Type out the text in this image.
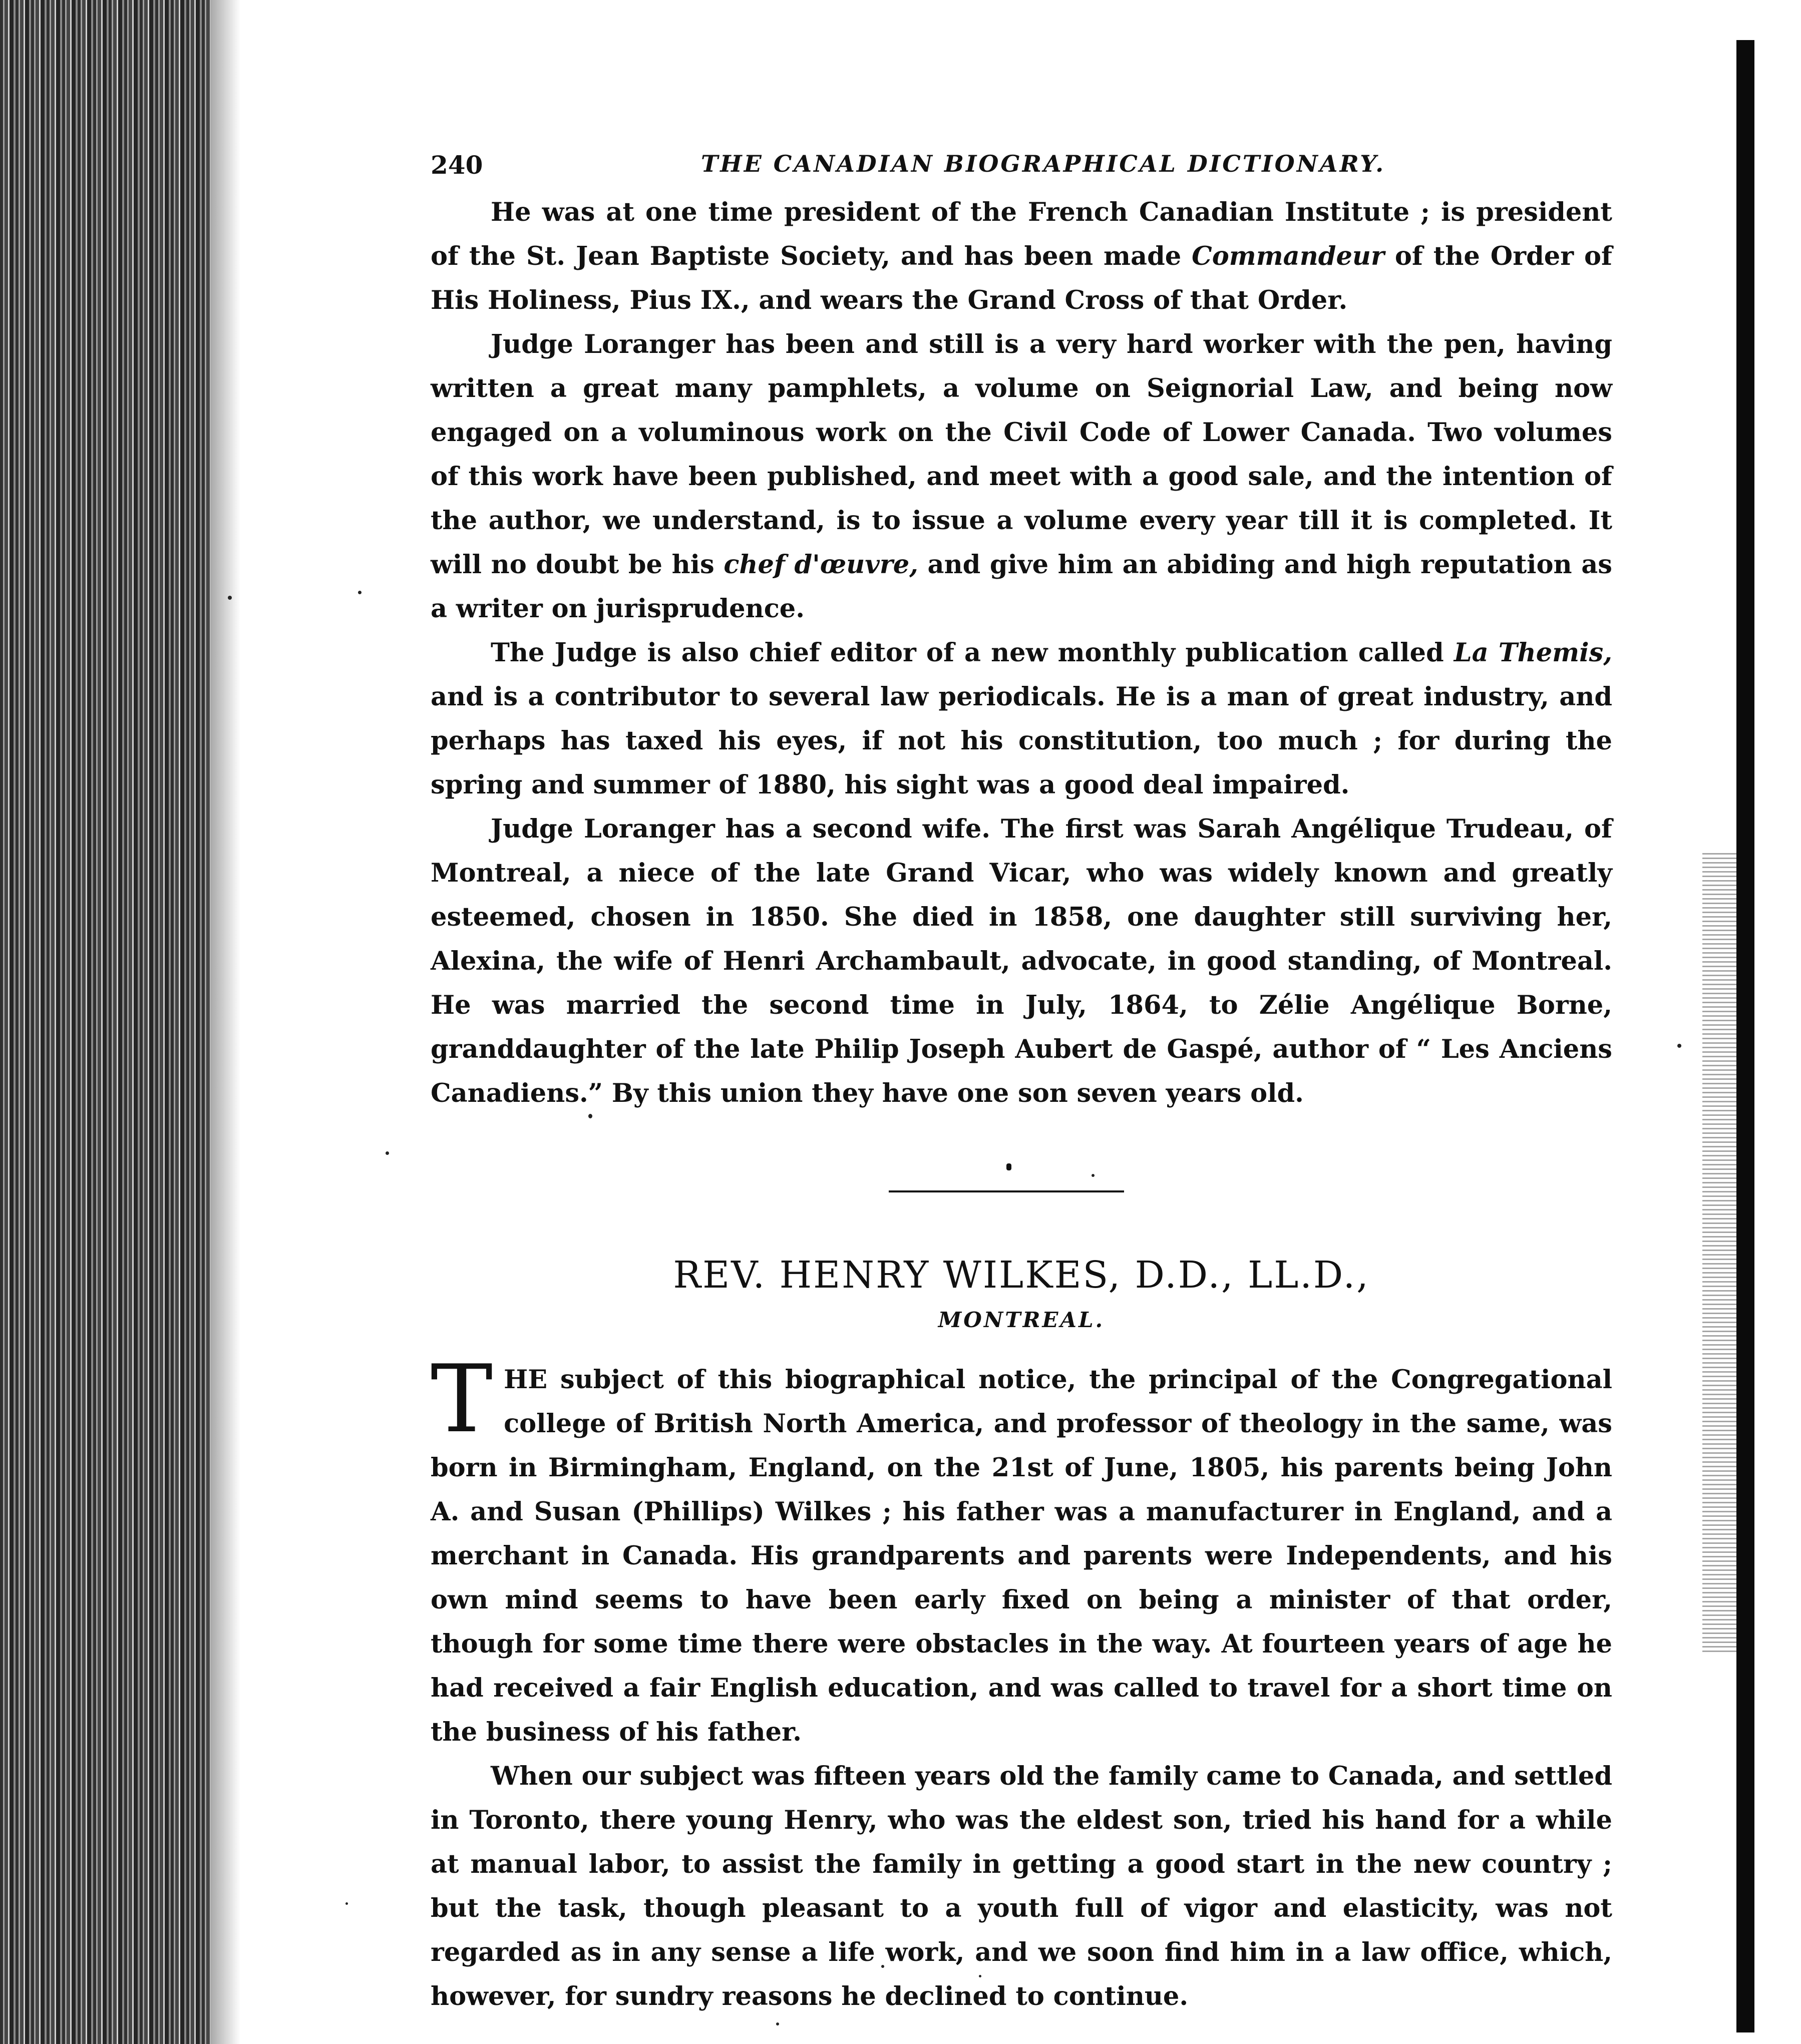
240	THE CANADIAN BIOGRAPHICAL DICTIONARY.

He was at one time president of the French Canadian Institute ; is president of the St. Jean Baptiste Society, and has been made Commandeur of the Order of His Holiness, Pius IX., and wears the Grand Cross of that Order.

Judge Loranger has been and still is a very hard worker with the pen, having written a great many pamphlets, a volume on Seignorial Law, and being now engaged on a voluminous work on the Civil Code of Lower Canada. Two volumes of this work have been published, and meet with a good sale, and the intention of the author, we understand, is to issue a volume every year till it is completed. It will no doubt be his chef d'œuvre, and give him an abiding and high reputation as a writer on jurisprudence.

The Judge is also chief editor of a new monthly publication called La Themis, and is a contributor to several law periodicals. He is a man of great industry, and perhaps has taxed his eyes, if not his constitution, too much ; for during the spring and summer of 1880, his sight was a good deal impaired.

Judge Loranger has a second wife. The first was Sarah Angélique Trudeau, of Montreal, a niece of the late Grand Vicar, who was widely known and greatly esteemed, chosen in 1850. She died in 1858, one daughter still surviving her, Alexina, the wife of Henri Archambault, advocate, in good standing, of Montreal. He was married the second time in July, 1864, to Zélie Angélique Borne, granddaughter of the late Philip Joseph Aubert de Gaspé, author of “ Les Anciens Canadiens.” By this union they have one son seven years old.

REV. HENRY WILKES, D.D., LL.D.,
MONTREAL.

THE subject of this biographical notice, the principal of the Congregational college of British North America, and professor of theology in the same, was born in Birmingham, England, on the 21st of June, 1805, his parents being John A. and Susan (Phillips) Wilkes ; his father was a manufacturer in England, and a merchant in Canada. His grandparents and parents were Independents, and his own mind seems to have been early fixed on being a minister of that order, though for some time there were obstacles in the way. At fourteen years of age he had received a fair English education, and was called to travel for a short time on the business of his father.

When our subject was fifteen years old the family came to Canada, and settled in Toronto, there young Henry, who was the eldest son, tried his hand for a while at manual labor, to assist the family in getting a good start in the new country ; but the task, though pleasant to a youth full of vigor and elasticity, was not regarded as in any sense a life work, and we soon find him in a law office, which, however, for sundry reasons he declined to continue.
